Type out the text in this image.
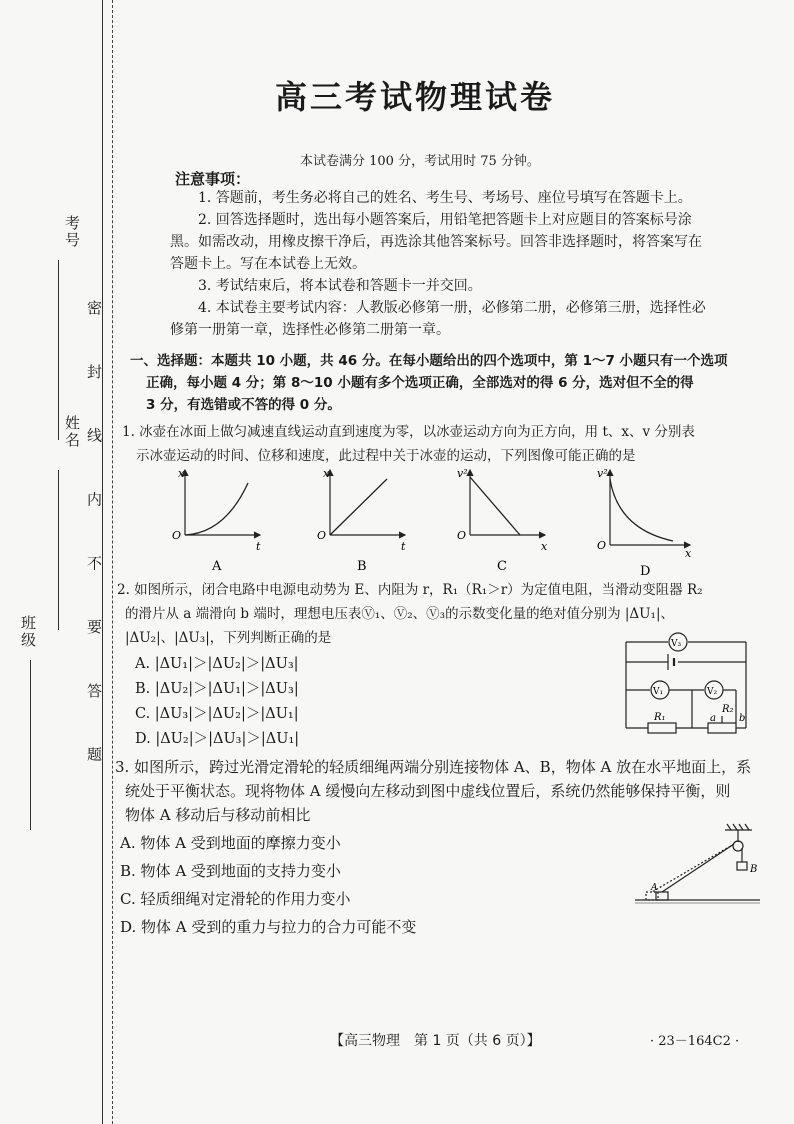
考号
姓名
班级	密 封 线 内 不 要 答 题
高三考试物理试卷
本试卷满分 100 分，考试用时 75 分钟。
注意事项：
1. 答题前，考生务必将自己的姓名、考生号、考场号、座位号填写在答题卡上。
2. 回答选择题时，选出每小题答案后，用铅笔把答题卡上对应题目的答案标号涂
黑。如需改动，用橡皮擦干净后，再选涂其他答案标号。回答非选择题时，将答案写在
答题卡上。写在本试卷上无效。
3. 考试结束后，将本试卷和答题卡一并交回。
4. 本试卷主要考试内容：人教版必修第一册，必修第二册，必修第三册，选择性必
修第一册第一章，选择性必修第二册第一章。
一、选择题：本题共 10 小题，共 46 分。在每小题给出的四个选项中，第 1～7 小题只有一个选项
正确，每小题 4 分；第 8～10 小题有多个选项正确，全部选对的得 6 分，选对但不全的得
3 分，有选错或不答的得 0 分。
1. 冰壶在冰面上做匀减速直线运动直到速度为零，以冰壶运动方向为正方向，用 t、x、v 分别表
示冰壶运动的时间、位移和速度，此过程中关于冰壶的运动，下列图像可能正确的是
x
t
O
A
x
t
O
B
v²
x
O
C
v²
x
O
D
2. 如图所示，闭合电路中电源电动势为 E、内阻为 r，R₁（R₁＞r）为定值电阻，当滑动变阻器 R₂
的滑片从 a 端滑向 b 端时，理想电压表Ⓥ₁、Ⓥ₂、Ⓥ₃的示数变化量的绝对值分别为 |ΔU₁|、
|ΔU₂|、|ΔU₃|，下列判断正确的是
A. |ΔU₁|＞|ΔU₂|＞|ΔU₃|
B. |ΔU₂|＞|ΔU₁|＞|ΔU₃|
C. |ΔU₃|＞|ΔU₂|＞|ΔU₁|
D. |ΔU₂|＞|ΔU₃|＞|ΔU₁|
V₃
V₁	V₂
R₁
R₂
a b
3. 如图所示，跨过光滑定滑轮的轻质细绳两端分别连接物体 A、B，物体 A 放在水平地面上，系
统处于平衡状态。现将物体 A 缓慢向左移动到图中虚线位置后，系统仍然能够保持平衡，则
物体 A 移动后与移动前相比
A. 物体 A 受到地面的摩擦力变小
B. 物体 A 受到地面的支持力变小
C. 轻质细绳对定滑轮的作用力变小
D. 物体 A 受到的重力与拉力的合力可能不变
B
A
【高三物理　第 1 页（共 6 页）】	· 23－164C2 ·
